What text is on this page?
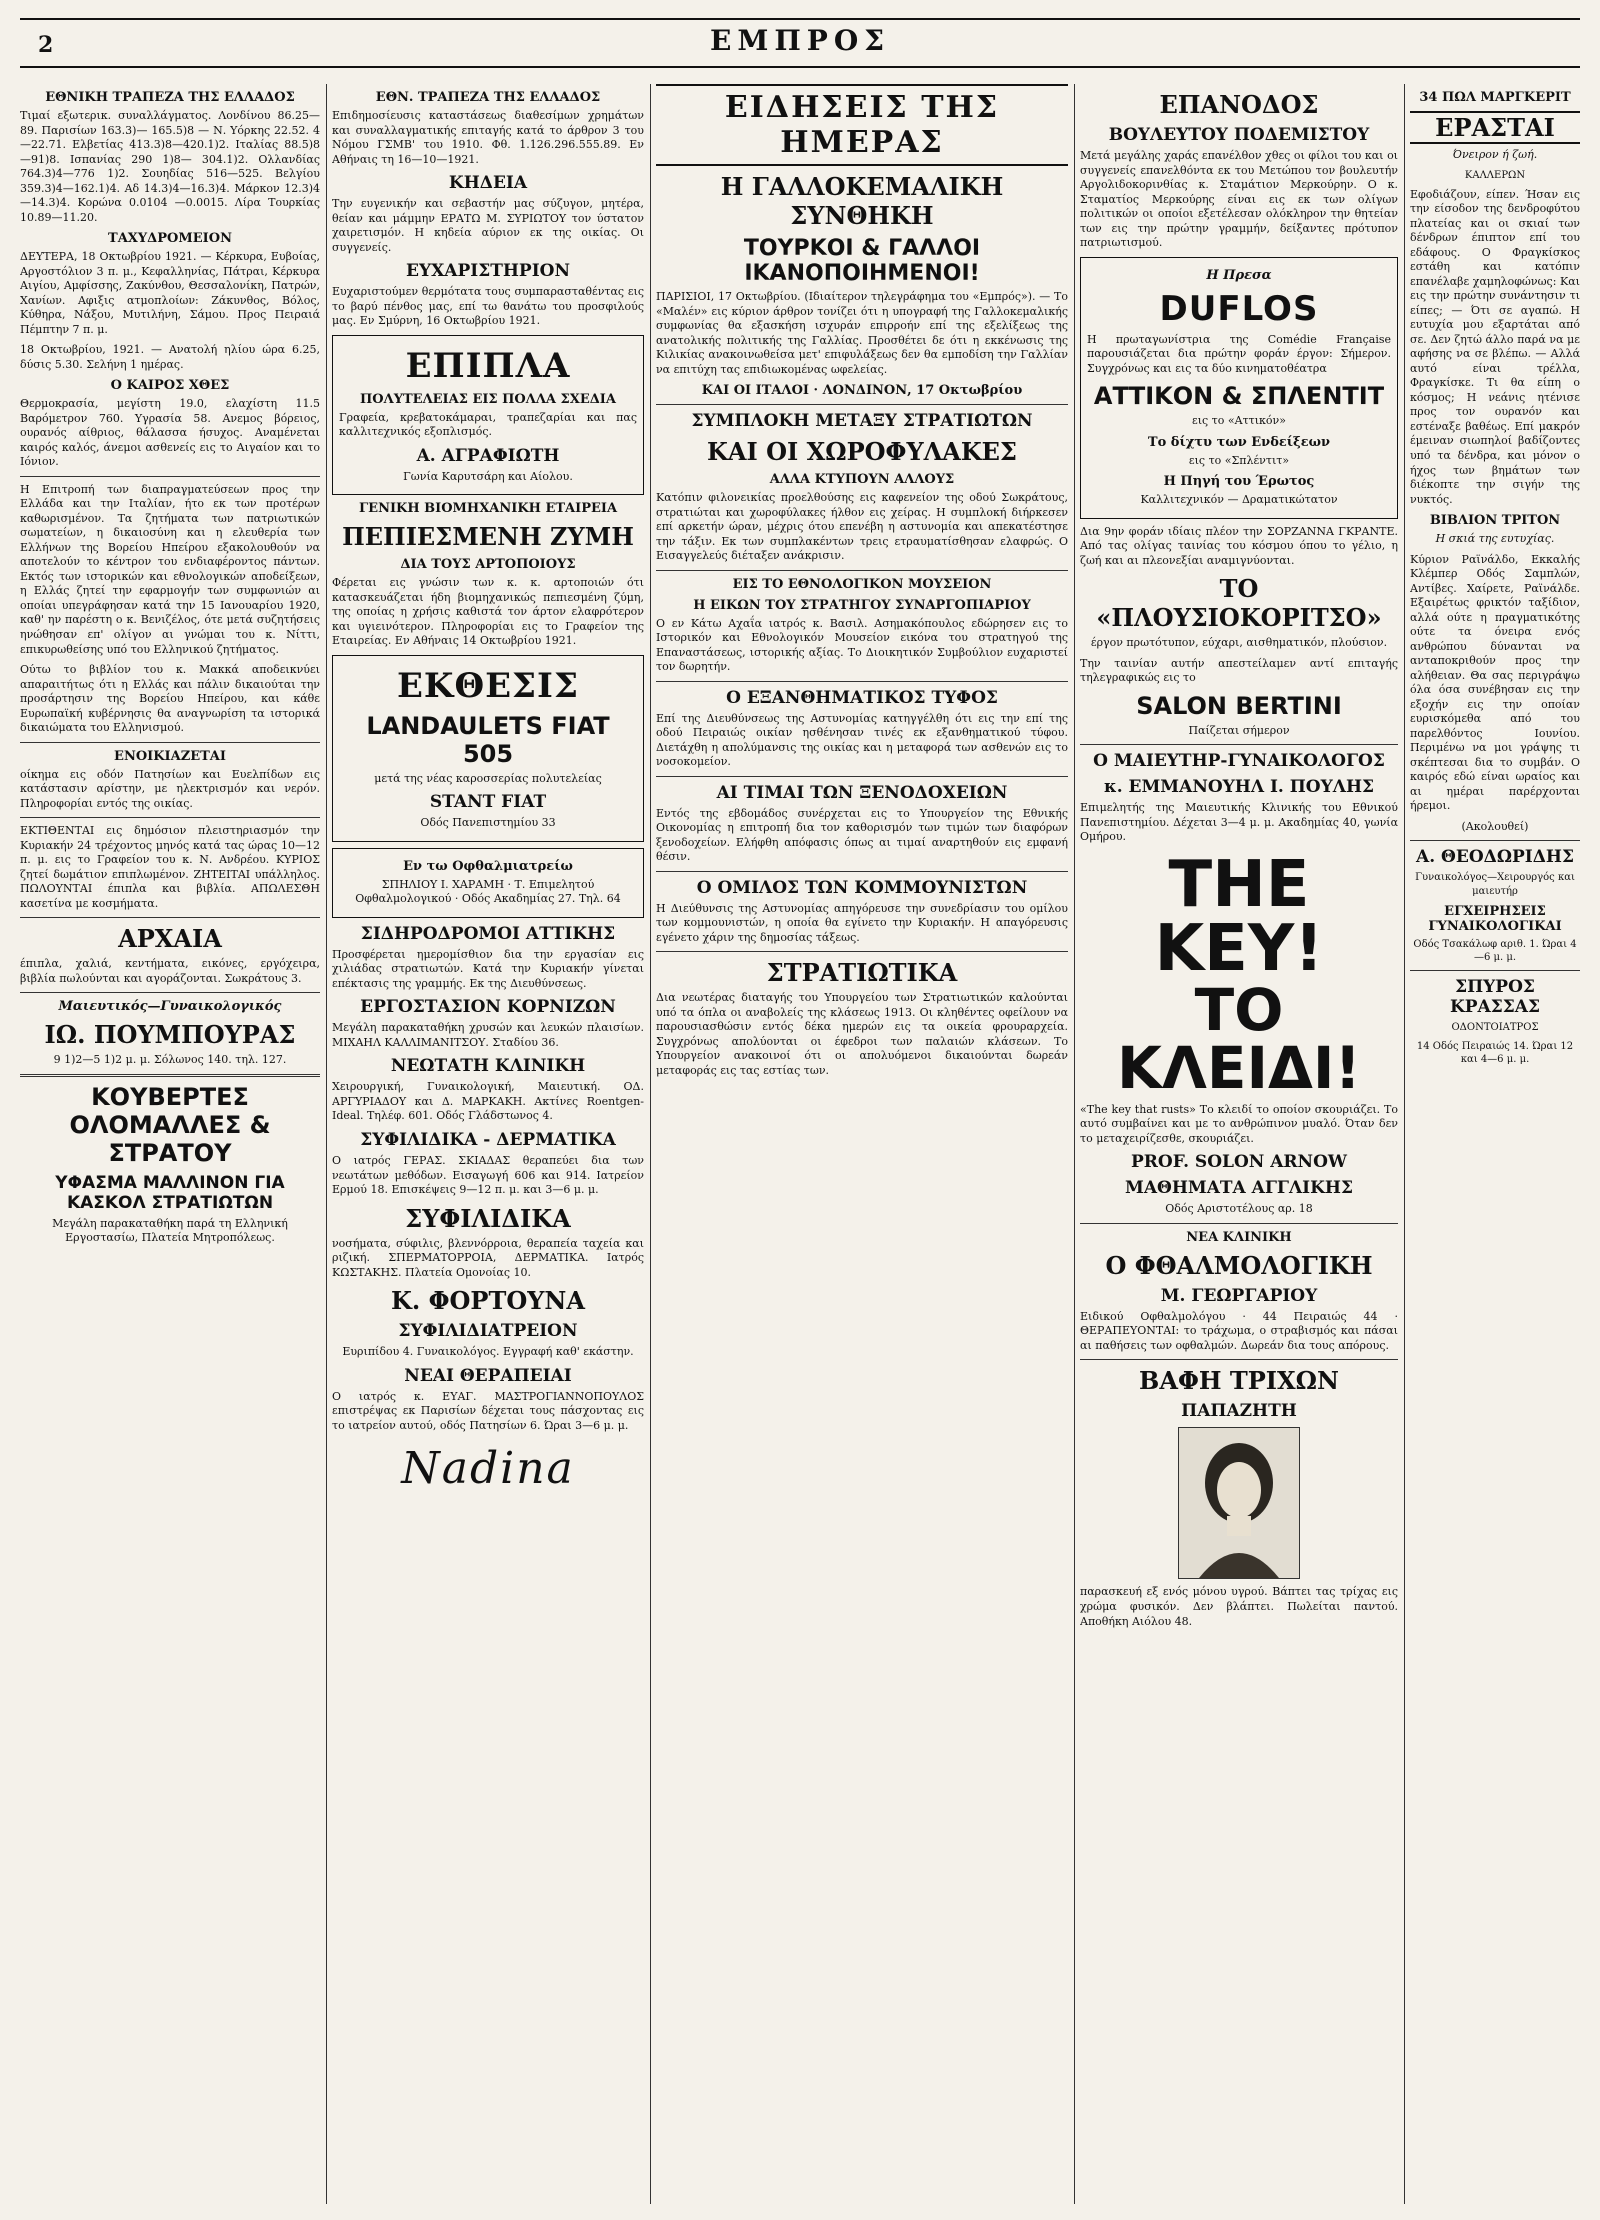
2	ΕΜΠΡΟΣ
ΕΘΝΙΚΗ ΤΡΑΠΕΖΑ ΤΗΣ ΕΛΛΑΔΟΣ

Τιμαί εξωτερικ. συναλλάγματος. Λονδίνου 86.25—89. Παρισίων 163.3)— 165.5)8 — Ν. Υόρκης 22.52. 4—22.71. Ελβετίας 413.3)8—420.1)2. Ιταλίας 88.5)8—91)8. Ισπανίας 290 1)8— 304.1)2. Ολλανδίας 764.3)4—776 1)2. Σουηδίας 516—525. Βελγίου 359.3)4—162.1)4. Αδ 14.3)4—16.3)4. Μάρκον 12.3)4—14.3)4. Κορώνα 0.0104 —0.0015. Λίρα Τουρκίας 10.89—11.20.

ΤΑΧΥΔΡΟΜΕΙΟΝ

ΔΕΥΤΕΡΑ, 18 Οκτωβρίου 1921. — Κέρκυρα, Ευβοίας, Αργοστόλιον 3 π. μ., Κεφαλληνίας, Πάτραι, Κέρκυρα Αιγίου, Αμφίσσης, Ζακύνθου, Θεσσαλονίκη, Πατρών, Χανίων. Αφιξις ατμοπλοίων: Ζάκυνθος, Βόλος, Κύθηρα, Νάξου, Μυτιλήνη, Σάμου. Προς Πειραιά Πέμπτην 7 π. μ.

18 Οκτωβρίου, 1921. — Ανατολή ηλίου ώρα 6.25, δύσις 5.30. Σελήνη 1 ημέρας.

Ο ΚΑΙΡΟΣ ΧΘΕΣ

Θερμοκρασία, μεγίστη 19.0, ελαχίστη 11.5 Βαρόμετρον 760. Υγρασία 58. Ανεμος βόρειος, ουρανός αίθριος, θάλασσα ήσυχος. Αναμένεται καιρός καλός, άνεμοι ασθενείς εις το Αιγαίον και το Ιόνιον.

Η Επιτροπή των διαπραγματεύσεων προς την Ελλάδα και την Ιταλίαν, ήτο εκ των προτέρων καθωρισμένον. Τα ζητήματα των πατριωτικών σωματείων, η δικαιοσύνη και η ελευθερία των Ελλήνων της Βορείου Ηπείρου εξακολουθούν να αποτελούν το κέντρον του ενδιαφέροντος πάντων. Εκτός των ιστορικών και εθνολογικών αποδείξεων, η Ελλάς ζητεί την εφαρμογήν των συμφωνιών αι οποίαι υπεγράφησαν κατά την 15 Ιανουαρίου 1920, καθ' ην παρέστη ο κ. Βενιζέλος, ότε μετά συζητήσεις ηνώθησαν επ' ολίγον αι γνώμαι του κ. Νίττι, επικυρωθείσης υπό του Ελληνικού ζητήματος.

Ούτω το βιβλίον του κ. Μακκά αποδεικνύει απαραιτήτως ότι η Ελλάς και πάλιν δικαιούται την προσάρτησιν της Βορείου Ηπείρου, και κάθε Ευρωπαϊκή κυβέρνησις θα αναγνωρίση τα ιστορικά δικαιώματα του Ελληνισμού.

ΕΝΟΙΚΙΑΖΕΤΑΙ

οίκημα εις οδόν Πατησίων και Ευελπίδων εις κατάστασιν αρίστην, με ηλεκτρισμόν και νερόν. Πληροφορίαι εντός της οικίας.

ΕΚΤΙΘΕΝΤΑΙ εις δημόσιον πλειστηριασμόν την Κυριακήν 24 τρέχοντος μηνός κατά τας ώρας 10—12 π. μ. εις το Γραφείον του κ. Ν. Ανδρέου. ΚΥΡΙΟΣ ζητεί δωμάτιον επιπλωμένον. ΖΗΤΕΙΤΑΙ υπάλληλος. ΠΩΛΟΥΝΤΑΙ έπιπλα και βιβλία. ΑΠΩΛΕΣΘΗ κασετίνα με κοσμήματα.

ΑΡΧΑΙΑ

έπιπλα, χαλιά, κεντήματα, εικόνες, εργόχειρα, βιβλία πωλούνται και αγοράζονται. Σωκράτους 3.

Μαιευτικός—Γυναικολογικός
ΙΩ. ΠΟΥΜΠΟΥΡΑΣ

9 1)2—5 1)2 μ. μ. Σόλωνος 140. τηλ. 127.

ΚΟΥΒΕΡΤΕΣ ΟΛΟΜΑΛΛΕΣ & ΣΤΡΑΤΟΥ
ΥΦΑΣΜΑ ΜΑΛΛΙΝΟΝ ΓΙΑ ΚΑΣΚΟΛ ΣΤΡΑΤΙΩΤΩΝ

Μεγάλη παρακαταθήκη παρά τη Ελληνική Εργοστασίω, Πλατεία Μητροπόλεως.

ΕΘΝ. ΤΡΑΠΕΖΑ ΤΗΣ ΕΛΛΑΔΟΣ

Επιδημοσίευσις καταστάσεως διαθεσίμων χρημάτων και συναλλαγματικής επιταγής κατά το άρθρον 3 του Νόμου ΓΣΜΒ' του 1910. Φθ. 1.126.296.555.89. Εν Αθήναις τη 16—10—1921.

ΚΗΔΕΙΑ

Την ευγενικήν και σεβαστήν μας σύζυγον, μητέρα, θείαν και μάμμην ΕΡΑΤΩ Μ. ΣΥΡΙΩΤΟΥ τον ύστατον χαιρετισμόν. Η κηδεία αύριον εκ της οικίας. Οι συγγενείς.

ΕΥΧΑΡΙΣΤΗΡΙΟΝ

Ευχαριστούμεν θερμότατα τους συμπαρασταθέντας εις το βαρύ πένθος μας, επί τω θανάτω του προσφιλούς μας. Εν Σμύρνη, 16 Οκτωβρίου 1921.

ΕΠΙΠΛΑ
ΠΟΛΥΤΕΛΕΙΑΣ ΕΙΣ ΠΟΛΛΑ ΣΧΕΔΙΑ

Γραφεία, κρεβατοκάμαραι, τραπεζαρίαι και πας καλλιτεχνικός εξοπλισμός.

Α. ΑΓΡΑΦΙΩΤΗ

Γωνία Καρυτσάρη και Αίολου.

ΓΕΝΙΚΗ ΒΙΟΜΗΧΑΝΙΚΗ ΕΤΑΙΡΕΙΑ
ΠΕΠΙΕΣΜΕΝΗ ΖΥΜΗ
ΔΙΑ ΤΟΥΣ ΑΡΤΟΠΟΙΟΥΣ

Φέρεται εις γνώσιν των κ. κ. αρτοποιών ότι κατασκευάζεται ήδη βιομηχανικώς πεπιεσμένη ζύμη, της οποίας η χρήσις καθιστά τον άρτον ελαφρότερον και υγιεινότερον. Πληροφορίαι εις το Γραφείον της Εταιρείας. Εν Αθήναις 14 Οκτωβρίου 1921.

ΕΚΘΕΣΙΣ
LANDAULETS FIAT 505

μετά της νέας καροσσερίας πολυτελείας

STANT FIAT

Οδός Πανεπιστημίου 33

Εν τω Οφθαλμιατρείω

ΣΠΗΛΙΟΥ Ι. ΧΑΡΑΜΗ · Τ. Επιμελητού Οφθαλμολογικού · Οδός Ακαδημίας 27. Τηλ. 64

ΣΙΔΗΡΟΔΡΟΜΟΙ ΑΤΤΙΚΗΣ

Προσφέρεται ημερομίσθιον δια την εργασίαν εις χιλιάδας στρατιωτών. Κατά την Κυριακήν γίνεται επέκτασις της γραμμής. Εκ της Διευθύνσεως.

ΕΡΓΟΣΤΑΣΙΟΝ ΚΟΡΝΙΖΩΝ

Μεγάλη παρακαταθήκη χρυσών και λευκών πλαισίων. ΜΙΧΑΗΛ ΚΑΛΛΙΜΑΝΙΤΣΟΥ. Σταδίου 36.

ΝΕΩΤΑΤΗ ΚΛΙΝΙΚΗ

Χειρουργική, Γυναικολογική, Μαιευτική. ΟΔ. ΑΡΓΥΡΙΑΔΟΥ και Δ. ΜΑΡΚΑΚΗ. Ακτίνες Roentgen-Ideal. Τηλέφ. 601. Οδός Γλάδστωνος 4.

ΣΥΦΙΛΙΔΙΚΑ - ΔΕΡΜΑΤΙΚΑ

Ο ιατρός ΓΕΡΑΣ. ΣΚΙΑΔΑΣ θεραπεύει δια των νεωτάτων μεθόδων. Εισαγωγή 606 και 914. Ιατρείον Ερμού 18. Επισκέψεις 9—12 π. μ. και 3—6 μ. μ.

ΣΥΦΙΛΙΔΙΚΑ

νοσήματα, σύφιλις, βλεννόρροια, θεραπεία ταχεία και ριζική. ΣΠΕΡΜΑΤΟΡΡΟΙΑ, ΔΕΡΜΑΤΙΚΑ. Ιατρός ΚΩΣΤΑΚΗΣ. Πλατεία Ομονοίας 10.

Κ. ΦΟΡΤΟΥΝΑ
ΣΥΦΙΛΙΔΙΑΤΡΕΙΟΝ

Ευριπίδου 4. Γυναικολόγος. Εγγραφή καθ' εκάστην.

ΝΕΑΙ ΘΕΡΑΠΕΙΑΙ

Ο ιατρός κ. ΕΥΑΓ. ΜΑΣΤΡΟΓΙΑΝΝΟΠΟΥΛΟΣ επιστρέψας εκ Παρισίων δέχεται τους πάσχοντας εις το ιατρείον αυτού, οδός Πατησίων 6. Ώραι 3—6 μ. μ.

Nadina
ΕΙΔΗΣΕΙΣ ΤΗΣ ΗΜΕΡΑΣ
Η ΓΑΛΛΟΚΕΜΑΛΙΚΗ ΣΥΝΘΗΚΗ
ΤΟΥΡΚΟΙ & ΓΑΛΛΟΙ ΙΚΑΝΟΠΟΙΗΜΕΝΟΙ!

ΠΑΡΙΣΙΟΙ, 17 Οκτωβρίου. (Ιδιαίτερον τηλεγράφημα του «Εμπρός»). — Το «Μαλέν» εις κύριον άρθρον τονίζει ότι η υπογραφή της Γαλλοκεμαλικής συμφωνίας θα εξασκήση ισχυράν επιρροήν επί της εξελίξεως της ανατολικής πολιτικής της Γαλλίας. Προσθέτει δε ότι η εκκένωσις της Κιλικίας ανακοινωθείσα μετ' επιφυλάξεως δεν θα εμποδίση την Γαλλίαν να επιτύχη τας επιδιωκομένας ωφελείας.

ΚΑΙ ΟΙ ΙΤΑΛΟΙ · ΛΟΝΔΙΝΟΝ, 17 Οκτωβρίου
ΣΥΜΠΛΟΚΗ ΜΕΤΑΞΥ ΣΤΡΑΤΙΩΤΩΝ
ΚΑΙ ΟΙ ΧΩΡΟΦΥΛΑΚΕΣ
ΑΛΛΑ ΚΤΥΠΟΥΝ ΑΛΛΟΥΣ

Κατόπιν φιλονεικίας προελθούσης εις καφενείον της οδού Σωκράτους, στρατιώται και χωροφύλακες ήλθον εις χείρας. Η συμπλοκή διήρκεσεν επί αρκετήν ώραν, μέχρις ότου επενέβη η αστυνομία και απεκατέστησε την τάξιν. Εκ των συμπλακέντων τρεις ετραυματίσθησαν ελαφρώς. Ο Εισαγγελεύς διέταξεν ανάκρισιν.

ΕΙΣ ΤΟ ΕΘΝΟΛΟΓΙΚΟΝ ΜΟΥΣΕΙΟΝ
Η ΕΙΚΩΝ ΤΟΥ ΣΤΡΑΤΗΓΟΥ ΣΥΝΑΡΓΟΠΙΑΡΙΟΥ

Ο εν Κάτω Αχαΐα ιατρός κ. Βασιλ. Ασημακόπουλος εδώρησεν εις το Ιστορικόν και Εθνολογικόν Μουσείον εικόνα του στρατηγού της Επαναστάσεως, ιστορικής αξίας. Το Διοικητικόν Συμβούλιον ευχαριστεί τον δωρητήν.

Ο ΕΞΑΝΘΗΜΑΤΙΚΟΣ ΤΥΦΟΣ

Επί της Διευθύνσεως της Αστυνομίας κατηγγέλθη ότι εις την επί της οδού Πειραιώς οικίαν ησθένησαν τινές εκ εξανθηματικού τύφου. Διετάχθη η απολύμανσις της οικίας και η μεταφορά των ασθενών εις το νοσοκομείον.

ΑΙ ΤΙΜΑΙ ΤΩΝ ΞΕΝΟΔΟΧΕΙΩΝ

Εντός της εβδομάδος συνέρχεται εις το Υπουργείον της Εθνικής Οικονομίας η επιτροπή δια τον καθορισμόν των τιμών των διαφόρων ξενοδοχείων. Ελήφθη απόφασις όπως αι τιμαί αναρτηθούν εις εμφανή θέσιν.

Ο ΟΜΙΛΟΣ ΤΩΝ ΚΟΜΜΟΥΝΙΣΤΩΝ

Η Διεύθυνσις της Αστυνομίας απηγόρευσε την συνεδρίασιν του ομίλου των κομμουνιστών, η οποία θα εγίνετο την Κυριακήν. Η απαγόρευσις εγένετο χάριν της δημοσίας τάξεως.

ΣΤΡΑΤΙΩΤΙΚΑ

Δια νεωτέρας διαταγής του Υπουργείου των Στρατιωτικών καλούνται υπό τα όπλα οι αναβολείς της κλάσεως 1913. Οι κληθέντες οφείλουν να παρουσιασθώσιν εντός δέκα ημερών εις τα οικεία φρουραρχεία. Συγχρόνως απολύονται οι έφεδροι των παλαιών κλάσεων. Το Υπουργείον ανακοινοί ότι οι απολυόμενοι δικαιούνται δωρεάν μεταφοράς εις τας εστίας των.

ΕΠΑΝΟΔΟΣ
ΒΟΥΛΕΥΤΟΥ ΠΟΔΕΜΙΣΤΟΥ

Μετά μεγάλης χαράς επανέλθον χθες οι φίλοι του και οι συγγενείς επανελθόντα εκ του Μετώπου τον βουλευτήν Αργολιδοκορινθίας κ. Σταμάτιον Μερκούρην. Ο κ. Σταματίος Μερκούρης είναι εις εκ των ολίγων πολιτικών οι οποίοι εξετέλεσαν ολόκληρον την θητείαν των εις την πρώτην γραμμήν, δείξαντες πρότυπον πατριωτισμού.

Η Πρεσα
DUFLOS

Η πρωταγωνίστρια της Comédie Française παρουσιάζεται δια πρώτην φοράν έργον: Σήμερον. Συγχρόνως και εις τα δύο κινηματοθέατρα

ΑΤΤΙΚΟΝ & ΣΠΛΕΝΤΙΤ

εις το «Αττικόν»

Το δίχτυ των Ενδείξεων

εις το «Σπλέντιτ»

Η Πηγή του Έρωτος

Καλλιτεχνικόν — Δραματικώτατον

Δια 9ην φοράν ιδίαις πλέον την ΣΟΡΖΑΝΝΑ ΓΚΡΑΝΤΕ. Από τας ολίγας ταινίας του κόσμου όπου το γέλιο, η ζωή και αι πλεονεξίαι αναμιγνύονται.

ΤΟ «ΠΛΟΥΣΙΟΚΟΡΙΤΣΟ»

έργον πρωτότυπον, εύχαρι, αισθηματικόν, πλούσιον.

Την ταινίαν αυτήν απεστείλαμεν αντί επιταγής τηλεγραφικώς εις το

SALON BERTINI

Παίζεται σήμερον

Ο ΜΑΙΕΥΤΗΡ-ΓΥΝΑΙΚΟΛΟΓΟΣ
κ. ΕΜΜΑΝΟΥΗΛ Ι. ΠΟΥΛΗΣ

Επιμελητής της Μαιευτικής Κλινικής του Εθνικού Πανεπιστημίου. Δέχεται 3—4 μ. μ. Ακαδημίας 40, γωνία Ομήρου.

THE KEY!
ΤΟ ΚΛΕΙΔΙ!

«The key that rusts» Το κλειδί το οποίον σκουριάζει. Το αυτό συμβαίνει και με το ανθρώπινον μυαλό. Όταν δεν το μεταχειρίζεσθε, σκουριάζει.

PROF. SOLON ARNOW
ΜΑΘΗΜΑΤΑ ΑΓΓΛΙΚΗΣ

Οδός Αριστοτέλους αρ. 18

ΝΕΑ ΚΛΙΝΙΚΗ
Ο ΦΘΑΛΜΟΛΟΓΙΚΗ
Μ. ΓΕΩΡΓΑΡΙΟΥ

Ειδικού Οφθαλμολόγου · 44 Πειραιώς 44 · ΘΕΡΑΠΕΥΟΝΤΑΙ: το τράχωμα, ο στραβισμός και πάσαι αι παθήσεις των οφθαλμών. Δωρεάν δια τους απόρους.

ΒΑΦΗ ΤΡΙΧΩΝ
ΠΑΠΑΖΗΤΗ

παρασκευή εξ ενός μόνου υγρού. Βάπτει τας τρίχας εις χρώμα φυσικόν. Δεν βλάπτει. Πωλείται παντού. Αποθήκη Αιόλου 48.

34 ΠΩΛ ΜΑΡΓΚΕΡΙΤ
ΕΡΑΣΤΑΙ

Όνειρον ή ζωή.

ΚΑΛΛΕΡΩΝ

Εφοδιάζουν, είπεν. Ήσαν εις την είσοδον της δενδροφύτου πλατείας και οι σκιαί των δένδρων έπιπτον επί του εδάφους. Ο Φραγκίσκος εστάθη και κατόπιν επανέλαβε χαμηλοφώνως: Και εις την πρώτην συνάντησιν τι είπες; — Ότι σε αγαπώ. Η ευτυχία μου εξαρτάται από σε. Δεν ζητώ άλλο παρά να με αφήσης να σε βλέπω. — Αλλά αυτό είναι τρέλλα, Φραγκίσκε. Τι θα είπη ο κόσμος; Η νεάνις ητένισε προς τον ουρανόν και εστέναξε βαθέως. Επί μακρόν έμειναν σιωπηλοί βαδίζοντες υπό τα δένδρα, και μόνον ο ήχος των βημάτων των διέκοπτε την σιγήν της νυκτός.

ΒΙΒΛΙΟΝ ΤΡΙΤΟΝ

Η σκιά της ευτυχίας.

Κύριον Ραϊνάλδο, Εκκαλής Κλέμπερ Οδός Σαμπλών, Αντίβες. Χαίρετε, Ραϊνάλδε. Εξαιρέτως φρικτόν ταξίδιον, αλλά ούτε η πραγματικότης ούτε τα όνειρα ενός ανθρώπου δύνανται να ανταποκριθούν προς την αλήθειαν. Θα σας περιγράψω όλα όσα συνέβησαν εις την εξοχήν εις την οποίαν ευρισκόμεθα από του παρελθόντος Ιουνίου. Περιμένω να μοι γράψης τι σκέπτεσαι δια το συμβάν. Ο καιρός εδώ είναι ωραίος και αι ημέραι παρέρχονται ήρεμοι.

(Ακολουθεί)

Α. ΘΕΟΔΩΡΙΔΗΣ

Γυναικολόγος—Χειρουργός και μαιευτήρ

ΕΓΧΕΙΡΗΣΕΙΣ ΓΥΝΑΙΚΟΛΟΓΙΚΑΙ

Οδός Τσακάλωφ αριθ. 1. Ώραι 4—6 μ. μ.

ΣΠΥΡΟΣ ΚΡΑΣΣΑΣ

ΟΔΟΝΤΟΙΑΤΡΟΣ

14 Οδός Πειραιώς 14. Ώραι 12 και 4—6 μ. μ.
